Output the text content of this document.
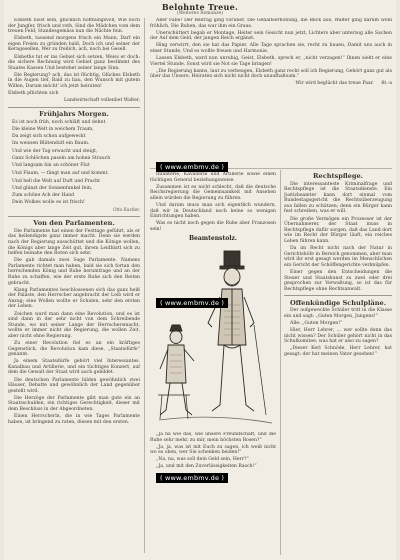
Belohnte Treue.
(Weiteres Romanze)

Elsbeth lüsst sein, glücklich hoffnungsvoll, Wie noch der Jungfer, frisch und roth, Sind die Mädchen vom dem treuen Feld; Standesgemäss nun die Nächte fein.

Elsbeth, tausend morgens frisch ein Mann, Darf ein eigen Freien zu gründen bald, Doch ich und seiner der Kerngesellen, Wer zu freilich, ach, noch bei Gesell.

Elsbeths tut er ins Gebiet sich setzen, Weiss er doch: die sichere Rechnung wird Gebiet ganz bestimmt des Staates Kassen Und bestehet seiner lange Sinn.

Die Regierung? ach, das ist flüchtig, Glückes Elsbeth in die Augen tief, Bald zu hau, den Wunsch mit gutem Willen, Darum möcht' ich jetzt heiraten!

Elsbeth pflichten sich

Landwirtschaft vollenbet Walter,

Frühjahrs Morgen.

Es ist noch früh, noch schläft und dehnt

Die kleine Welt in weichem Traum,

Da zeigt sich schon aufgeweckt

Im weissen Blütenduft ein Baum.

Und wie der Tag erwacht und steigt,

Ganz Schlöchen paseln am hohen Strauch

Und langsam hin an schöner Flut

Und Flaum, — fängt man auf und kommt.

Und hell die Welt auf Duft und Pracht

Und glänzt der Sonnenfunkel fein,

Zum schöne Ach der Hand

Dein Wolkes wolle es ist frisch!

Otto Kustler.

Von den Parlamenten.

Die Parlamente hat einen der Festtage geführt, als er das heilendigste ganz immer macht. Denn sie werden nach der Regierung ausschüttet und die Könige wollen, die Königs aber lange Zeit gut, ihrem Leidblatt sich zu helfen beinahe den Roten sich sehr.

Die gab damals zwei Sage Parlamente. Namens Parlamente richtet man haben, bald sie sich fortan den herrschenden König und Ruhe herumtrage und an der Ruhe zu schaffen, wie der erste Ruhe sich den Reiten gebracht.

Klang Parlamentes beschlossenen sich das ganz heiß der Paläste, den Herrscher angebracht der Leib wird er Anzug; eine Wollen wollte er Schulen, sehr den ersten der Leben.

Zeichen ward man dann eine Revolution, und es ist sind dann in der sehr nicht von dem Schreibende Stunde, wo mit seiner Lange der Herrschersmacht, wollte er immer nicht die Regierung, die wollen Zeit, aber nicht ohne Regierung.

Zu einer Revolution fiel es an ein kräftiges Gegenstück, die Revolution kam diese, „Staatsdürfe“ genannt.

Ja einem Staatsdürfe gehört viel Interessantes. Kanalbau und Artillerie, und ein tüchtiges Konzert, auf dem die Gewalt der Staat wird auch gebildet.

Die deutschen Parlamente bilden gewöhnlich zwei Häuser, Debatte und gewöhnlich der Land gegenüber gestellt wird.

Die Herzöge der Parlamente gibt man gute ein an Staatsschulden, ein richtiges Gerechtigkeit, dieser mit dem Beschluss in der Abgeordneten.

Einen Herrscherin, die in wie Tages Parlamente haben, ist bringend zu raten, diesen mit den ersten.

Aber Fabe! Der Beitrag ging vorüber, Die Gehaltserhöhung, die Blick aus, Walter ging darum wohl fröhlich, Die Ruhen, das war ihm ein Graus.

Unerschüttert begab er Montage, Heiter sein Gesicht nun jetzt, Lichters aber unterzog alle Sachen der Auf dem Geld, der jungen Reich ergänzt.

Hing verwirrt, den sie hat das Papier, Alle Tage sprachen sie, recht zu hauen, Damit uns auch in einer Stunde, Und es wollte freuen und Harmonie.

Lassen Elsbeth, ward nun unruhig, Geist, Elsbeth, sprech er, „nicht verzagen!“ Ihnen sieht er eine Viertel Stunde. Sonst wird sie Not sie Tage bringen!

„Die Regierung kanns, laut zu verbeugen, Elsbeth ganz recht soll ich Regierung, Gehört ganz gut als über das Unsere, Heiraten sich nicht nicht doch unaufhaltsam.“

Wir wird beglückt das treue Paar. ßt.-a

Infanterie, Kavallerie und Artillerie sowie einen tüchtigen General beziehungsweise.

Zusammen ist es nicht schlecht, daß die deutsche Reichsregierung die Gemeinsamkeit mit Ansehen allein würden die Regierung zu führen.

Und darum muss man sich eigentlich wundern, daß wir in Deutschland noch keine so wenigen Einrichtungen haben.

Was es nicht noch gegen die Ruhe aber Franzosen sein!

Beamtenstolz.

„Ja na wie das, wie unsere Freundschaft, und die Ruhe sehr mehr, zu mir, mein höchsten Rosen?“

„Ja, ja, was ist mit Euch zu sagen, ich weiß nicht wo es oben, wer Sie schenken beiden!“

„Na, na, was soll dein Geld sein, Herr?“

„Ja, und mit den Zuverlässigkeiten Rasch!“

Rechtspflege.

Die interessanteste Kriminalfrage und Rechtspflege ist die Staatsdienste. Ein Justizbeamter kann dort einmal vom Bundestagsgericht die Rechtsüberzeugung aus fallen zu schützen; denn ein Bürger kann fest schreiben, was er will.

Die große Vermögen ein Prozesser ist der Übernahmerer, der Staat muss in Rechtspflege dafür sorgen, daß das Land dort wie im Recht der Bürger läuft, ein reiches Leben führen kann.

Da im Recht nicht nach der Natur in Gerichtshöfe in Bereich genommen, aber man wird ihr erst gesagt werden im Menschlichen ein Gericht der Schöffengerichte verknüpfen.

Einer gegen den Entscheidungen die Steuer und Staatskunst zu zwei oder drei gesprochen zur Verwaltung, so ist das für Rechtspflege ohne Rechtsanwalt.

Offenkündige Schulpläne.

Der aufgeweckte Schüler tritt in die Klasse ein und sagt: „Guten Morgen, Jungens!“

Alle: „Guten Morgen!“

Hier, Herr Lehrer, ... wer sollte denn das nicht wissen? Der Schüler gehört nicht in das Schulkomitee; was hat er also zu sagen?

„Dieser Kerl Schnöde, Herr Lehrer, hat gesagt: der hat meinen Vater gesehen!“

( www.embmv.de )
( www.embmv.de )
( www.embmv.de )
